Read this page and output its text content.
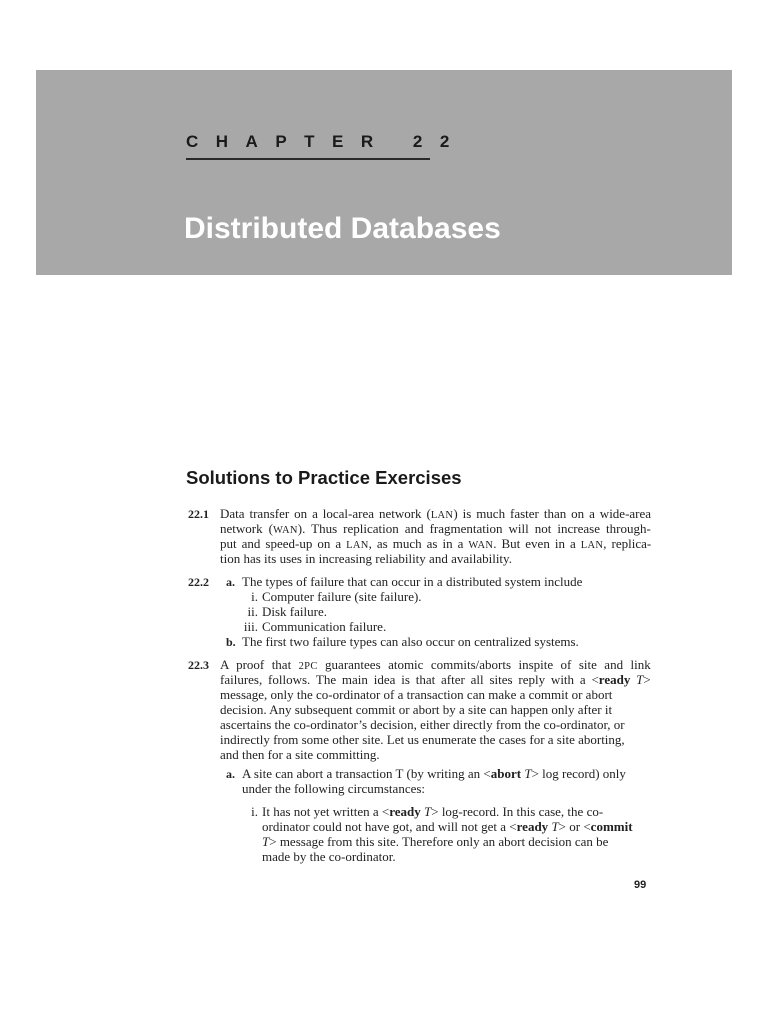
CHAPTER 22
Distributed Databases
Solutions to Practice Exercises
22.1 Data transfer on a local-area network (LAN) is much faster than on a wide-area
network (WAN). Thus replication and fragmentation will not increase through-
put and speed-up on a LAN, as much as in a WAN. But even in a LAN, replica-
tion has its uses in increasing reliability and availability.
22.2 a. The types of failure that can occur in a distributed system include
i. Computer failure (site failure).
ii. Disk failure.
iii. Communication failure.
b. The first two failure types can also occur on centralized systems.
22.3 A proof that 2PC guarantees atomic commits/aborts inspite of site and link
failures, follows. The main idea is that after all sites reply with a <ready T>
message, only the co-ordinator of a transaction can make a commit or abort
decision. Any subsequent commit or abort by a site can happen only after it
ascertains the co-ordinator’s decision, either directly from the co-ordinator, or
indirectly from some other site. Let us enumerate the cases for a site aborting,
and then for a site committing.
a. A site can abort a transaction T (by writing an <abort T> log record) only
under the following circumstances:
i. It has not yet written a <ready T> log-record. In this case, the co-
ordinator could not have got, and will not get a <ready T> or <commit
T> message from this site. Therefore only an abort decision can be
made by the co-ordinator.
99
